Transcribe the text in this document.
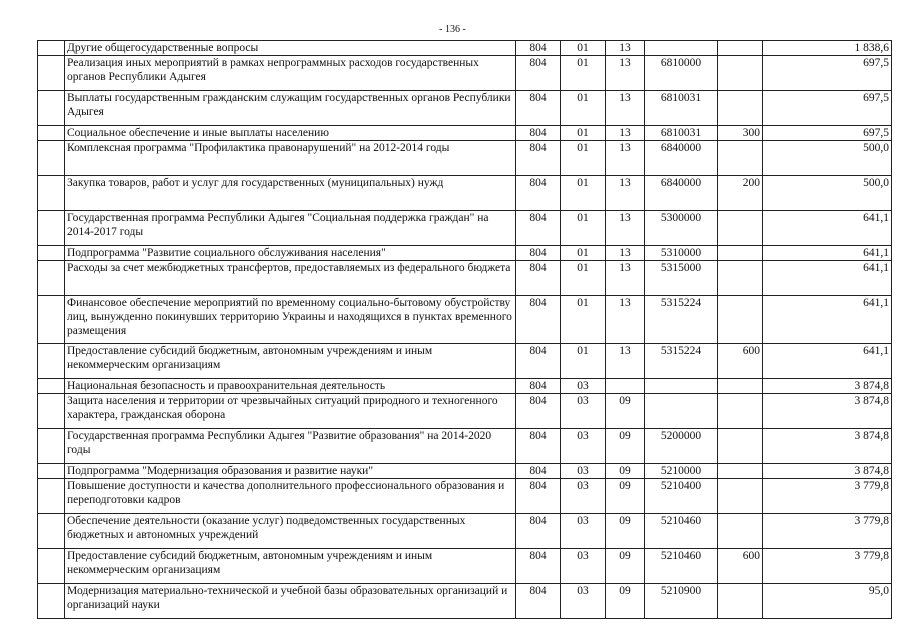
- 136 -
	Другие общегосударственные вопросы	804	01	13			1 838,6
	Реализация иных мероприятий в рамках непрограммных расходов государственных органов Республики Адыгея	804	01	13	6810000		697,5
	Выплаты государственным гражданским служащим государственных органов Республики Адыгея	804	01	13	6810031		697,5
	Социальное обеспечение и иные выплаты населению	804	01	13	6810031	300	697,5
	Комплексная программа "Профилактика правонарушений" на 2012-2014 годы	804	01	13	6840000		500,0
	Закупка товаров, работ и услуг для государственных (муниципальных) нужд	804	01	13	6840000	200	500,0
	Государственная программа Республики Адыгея "Социальная поддержка граждан" на 2014-2017 годы	804	01	13	5300000		641,1
	Подпрограмма "Развитие социального обслуживания населения"	804	01	13	5310000		641,1
	Расходы за счет межбюджетных трансфертов, предоставляемых из федерального бюджета	804	01	13	5315000		641,1
	Финансовое обеспечение мероприятий по временному социально-бытовому обустройству лиц, вынужденно покинувших территорию Украины и находящихся в пунктах временного размещения	804	01	13	5315224		641,1
	Предоставление субсидий бюджетным, автономным учреждениям и иным некоммерческим организациям	804	01	13	5315224	600	641,1
	Национальная безопасность и правоохранительная деятельность	804	03				3 874,8
	Защита населения и территории от чрезвычайных ситуаций природного и техногенного характера, гражданская оборона	804	03	09			3 874,8
	Государственная программа Республики Адыгея "Развитие образования" на 2014-2020 годы	804	03	09	5200000		3 874,8
	Подпрограмма "Модернизация образования и развитие науки"	804	03	09	5210000		3 874,8
	Повышение доступности и качества дополнительного профессионального образования и переподготовки кадров	804	03	09	5210400		3 779,8
	Обеспечение деятельности (оказание услуг) подведомственных государственных бюджетных и автономных учреждений	804	03	09	5210460		3 779,8
	Предоставление субсидий бюджетным, автономным учреждениям и иным некоммерческим организациям	804	03	09	5210460	600	3 779,8
	Модернизация материально-технической и учебной базы образовательных организаций и организаций науки	804	03	09	5210900		95,0
